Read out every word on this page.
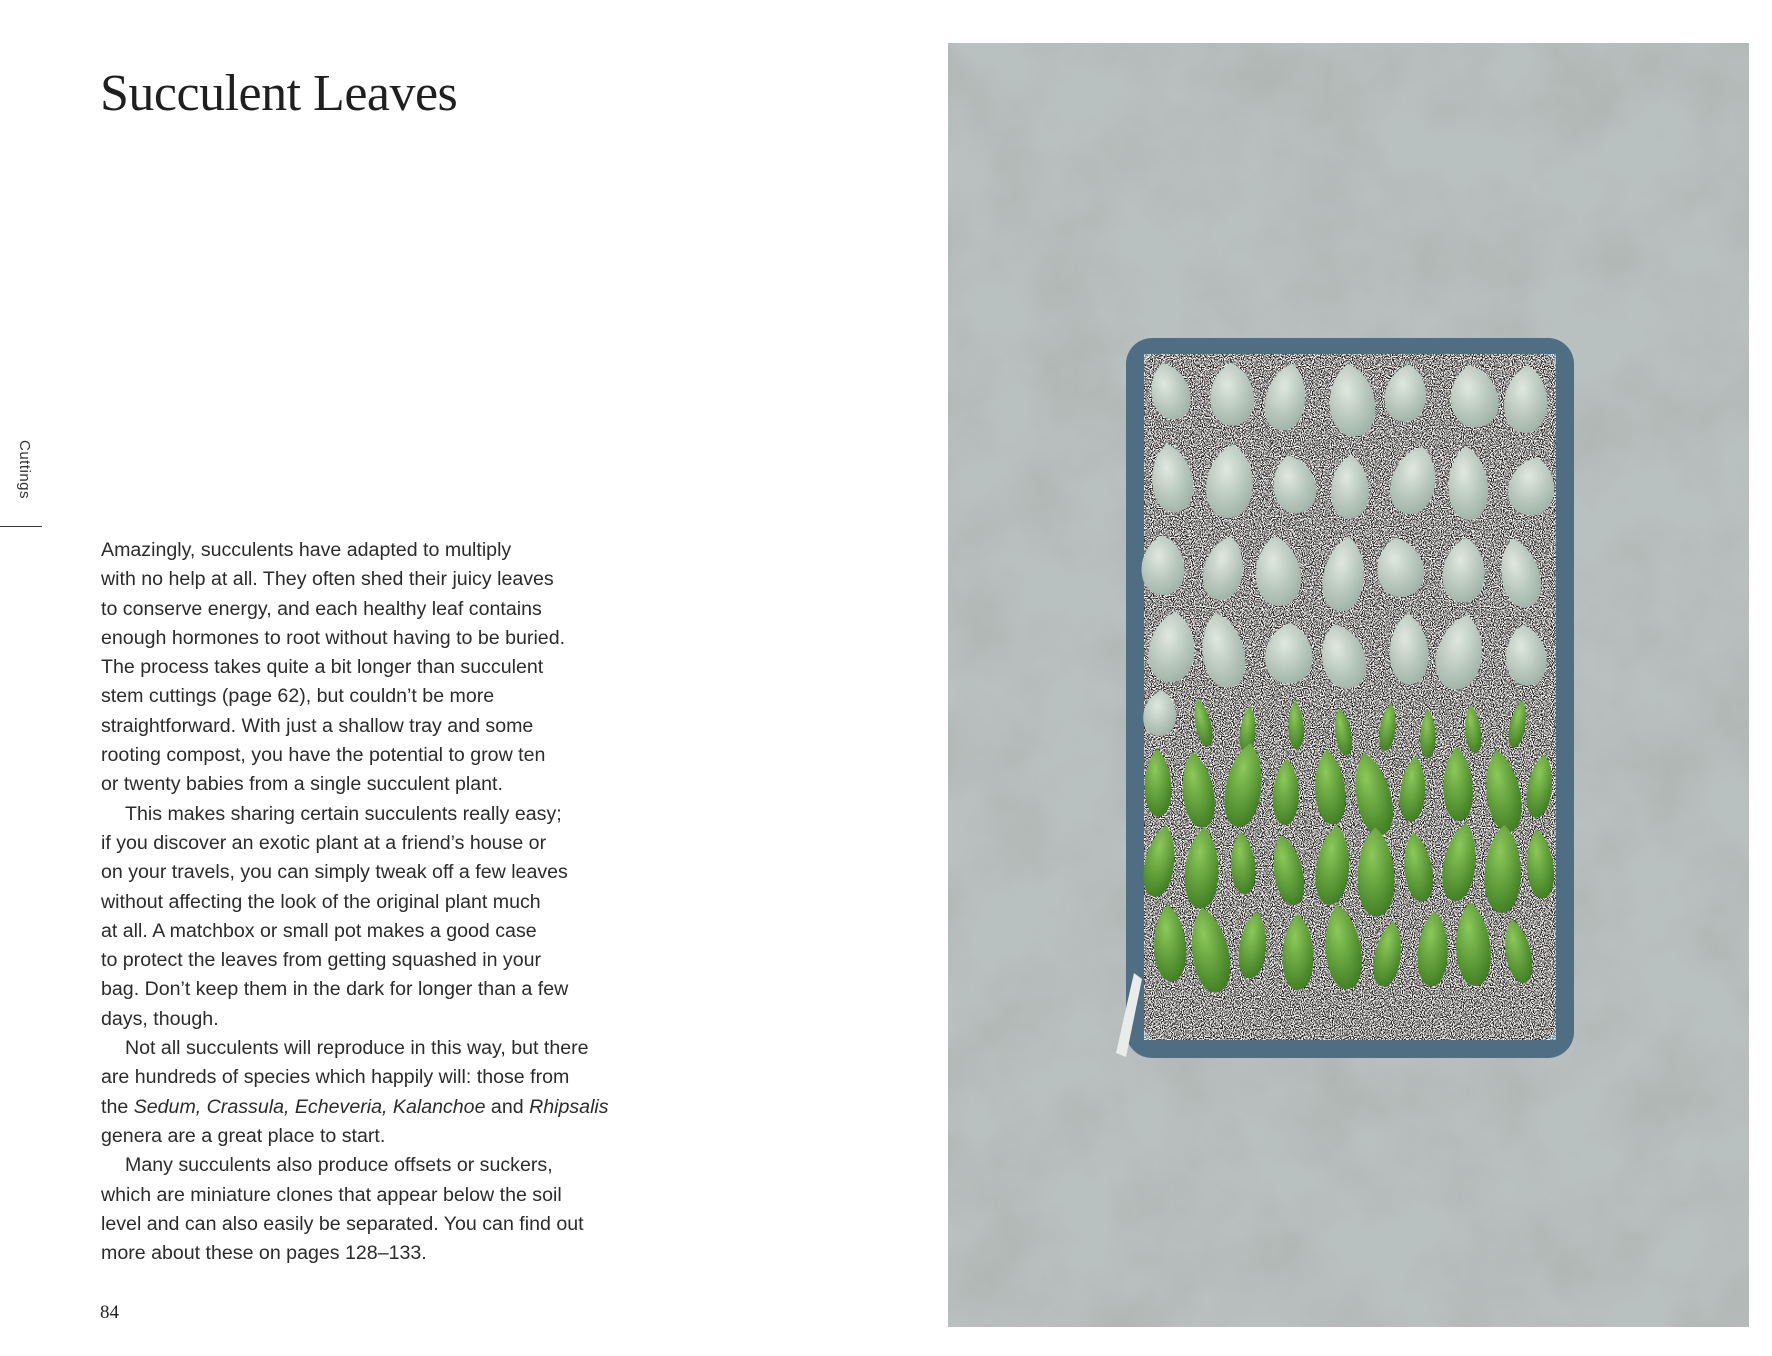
Succulent Leaves
Cuttings
Amazingly, succulents have adapted to multiply
with no help at all. They often shed their juicy leaves
to conserve energy, and each healthy leaf contains
enough hormones to root without having to be buried.
The process takes quite a bit longer than succulent
stem cuttings (page 62), but couldn’t be more
straightforward. With just a shallow tray and some
rooting compost, you have the potential to grow ten
or twenty babies from a single succulent plant.
This makes sharing certain succulents really easy;
if you discover an exotic plant at a friend’s house or
on your travels, you can simply tweak off a few leaves
without affecting the look of the original plant much
at all. A matchbox or small pot makes a good case
to protect the leaves from getting squashed in your
bag. Don’t keep them in the dark for longer than a few
days, though.
Not all succulents will reproduce in this way, but there
are hundreds of species which happily will: those from
the Sedum, Crassula, Echeveria, Kalanchoe and Rhipsalis
genera are a great place to start.
Many succulents also produce offsets or suckers,
which are miniature clones that appear below the soil
level and can also easily be separated. You can find out
more about these on pages 128–133.
84
